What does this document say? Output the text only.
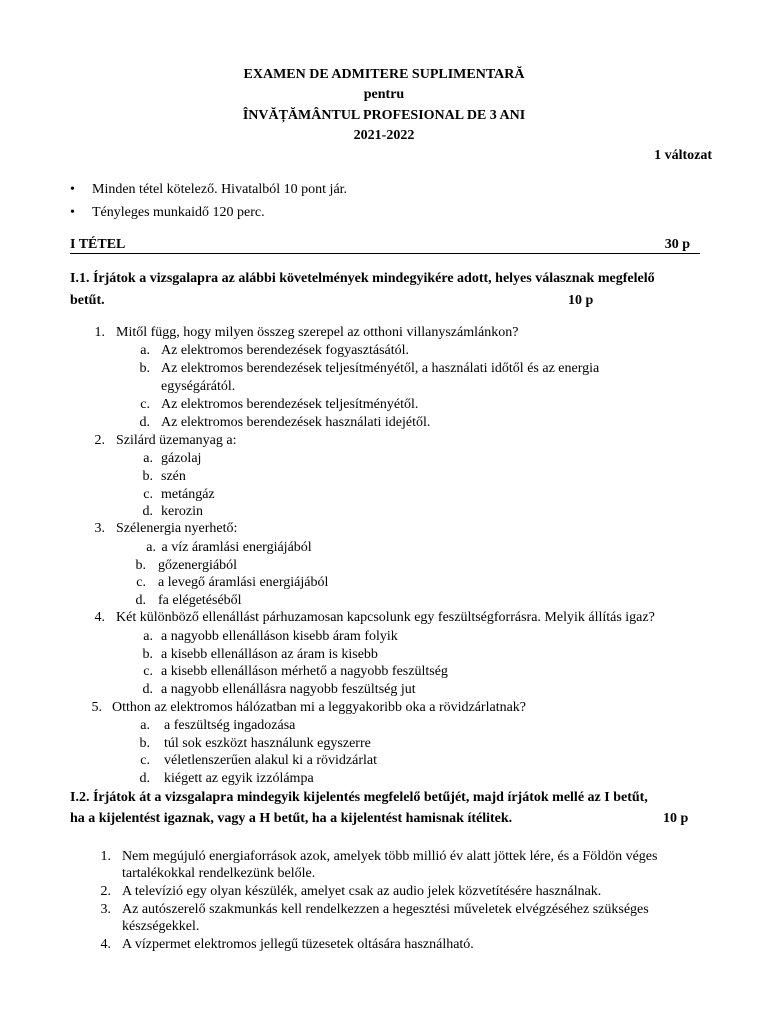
EXAMEN DE ADMITERE SUPLIMENTARĂ
pentru
ÎNVĂȚĂMÂNTUL PROFESIONAL DE 3 ANI
2021-2022
1 változat
• Minden tétel kötelező. Hivatalból 10 pont jár.
• Tényleges munkaidő 120 perc.
I TÉTEL	30 p
I.1. Írjátok a vizsgalapra az alábbi követelmények mindegyikére adott, helyes válasznak megfelelő
betűt.	10 p
1. Mitől függ, hogy milyen összeg szerepel az otthoni villanyszámlánkon?
a. Az elektromos berendezések fogyasztásától.
b. Az elektromos berendezések teljesítményétől, a használati időtől és az energia
egységárától.
c. Az elektromos berendezések teljesítményétől.
d. Az elektromos berendezések használati idejétől.
2. Szilárd üzemanyag a:
a. gázolaj
b. szén
c. metángáz
d. kerozin
3. Szélenergia nyerhető:
a. a víz áramlási energiájából
b. gőzenergiából
c. a levegő áramlási energiájából
d. fa elégetéséből
4. Két különböző ellenállást párhuzamosan kapcsolunk egy feszültségforrásra. Melyik állítás igaz?
a. a nagyobb ellenálláson kisebb áram folyik
b. a kisebb ellenálláson az áram is kisebb
c. a kisebb ellenálláson mérhető a nagyobb feszültség
d. a nagyobb ellenállásra nagyobb feszültség jut
5. Otthon az elektromos hálózatban mi a leggyakoribb oka a rövidzárlatnak?
a. a feszültség ingadozása
b. túl sok eszközt használunk egyszerre
c. véletlenszerűen alakul ki a rövidzárlat
d. kiégett az egyik izzólámpa
I.2. Írjátok át a vizsgalapra mindegyik kijelentés megfelelő betűjét, majd írjátok mellé az I betűt,
ha a kijelentést igaznak, vagy a H betűt, ha a kijelentést hamisnak ítélitek.	10 p
1. Nem megújuló energiaforrások azok, amelyek több millió év alatt jöttek lére, és a Földön véges
tartalékokkal rendelkezünk belőle.
2. A televízió egy olyan készülék, amelyet csak az audio jelek közvetítésére használnak.
3. Az autószerelő szakmunkás kell rendelkezzen a hegesztési műveletek elvégzéséhez szükséges
készségekkel.
4. A vízpermet elektromos jellegű tüzesetek oltására használható.
